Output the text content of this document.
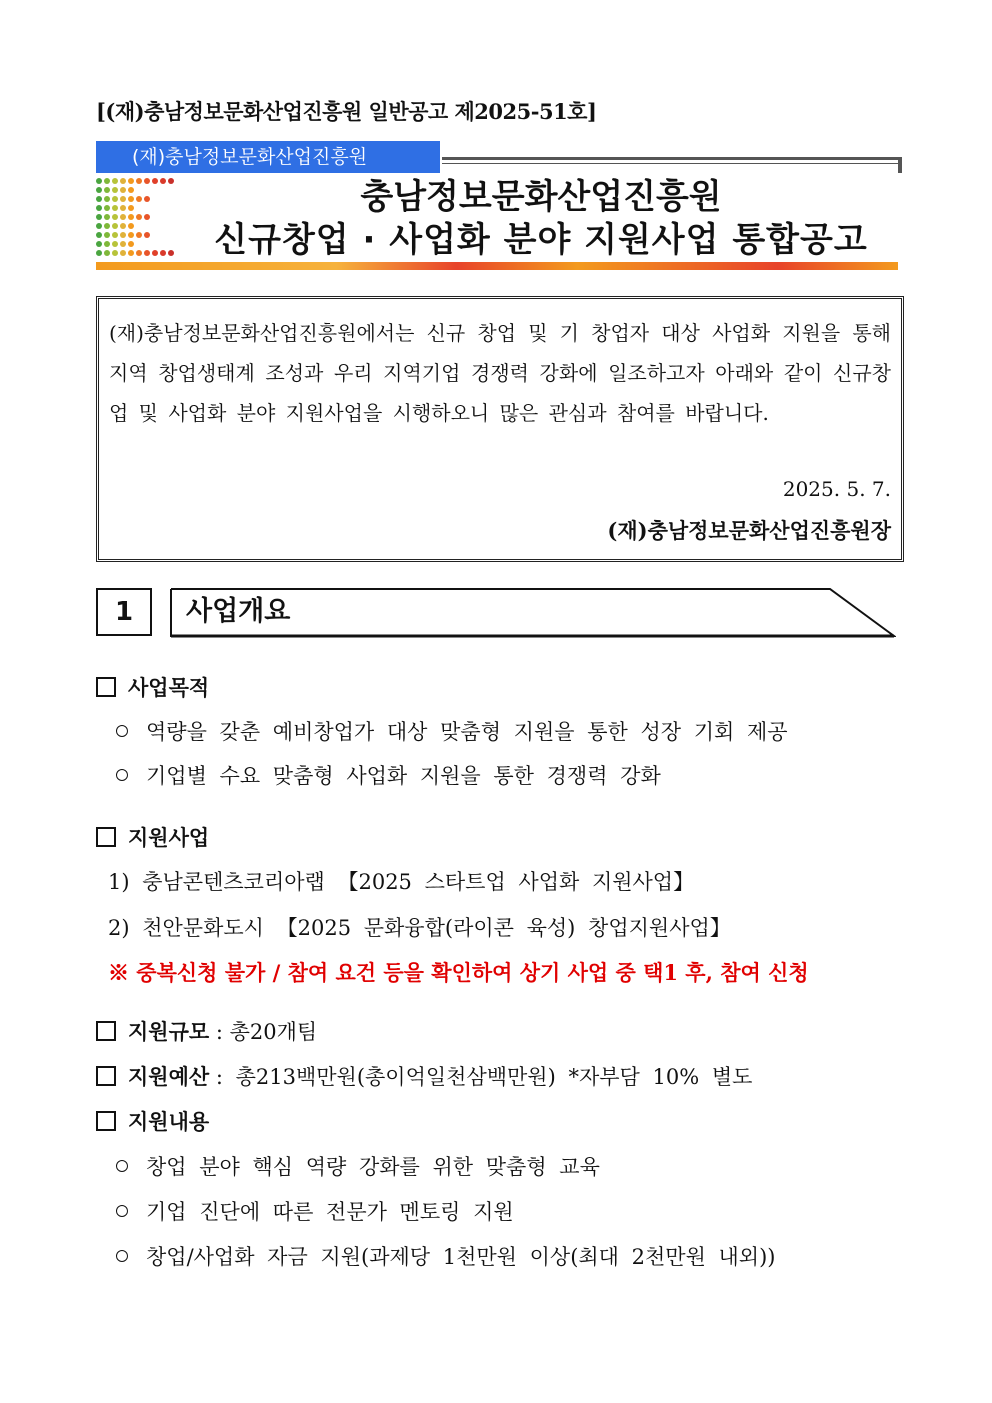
[(재)충남정보문화산업진흥원 일반공고 제2025-51호]
(재)충남정보문화산업진흥원
충남정보문화산업진흥원
신규창업 · 사업화 분야 지원사업 통합공고
(재)충남정보문화산업진흥원에서는 신규 창업 및 기 창업자 대상 사업화 지원을 통해 지역 창업생태계 조성과 우리 지역기업 경쟁력 강화에 일조하고자 아래와 같이 신규창업 및 사업화 분야 지원사업을 시행하오니 많은 관심과 참여를 바랍니다.
2025. 5. 7.
(재)충남정보문화산업진흥원장
1	사업개요
사업목적
역량을 갖춘 예비창업가 대상 맞춤형 지원을 통한 성장 기회 제공
기업별 수요 맞춤형 사업화 지원을 통한 경쟁력 강화
지원사업
1) 충남콘텐츠코리아랩 【2025 스타트업 사업화 지원사업】
2) 천안문화도시 【2025 문화융합(라이콘 육성) 창업지원사업】
※ 중복신청 불가 / 참여 요건 등을 확인하여 상기 사업 중 택1 후, 참여 신청
지원규모 : 총20개팀
지원예산 : 총213백만원(총이억일천삼백만원) *자부담 10% 별도
지원내용
창업 분야 핵심 역량 강화를 위한 맞춤형 교육
기업 진단에 따른 전문가 멘토링 지원
창업/사업화 자금 지원(과제당 1천만원 이상(최대 2천만원 내외))
